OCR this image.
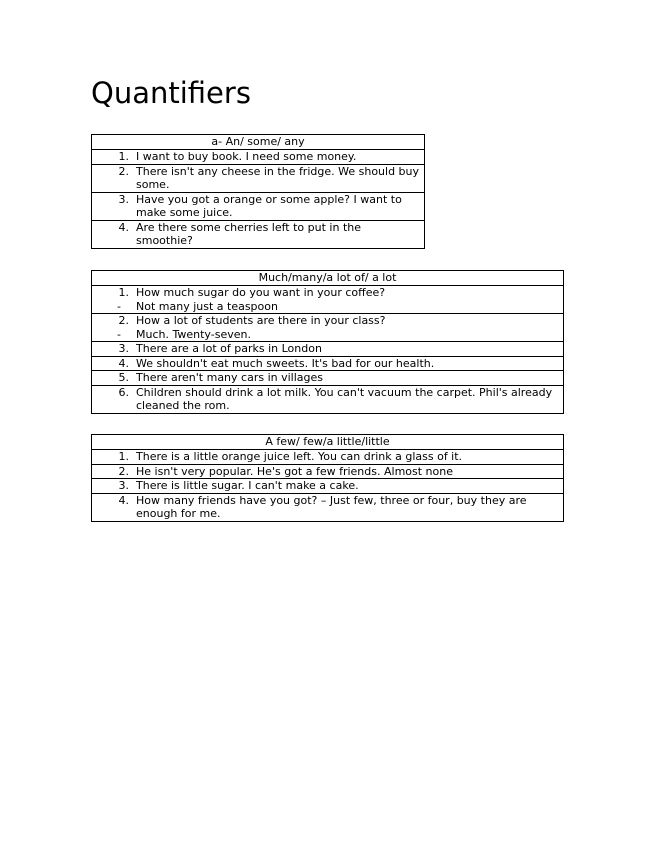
Quantifiers
a- An/ some/ any

1. I want to buy book. I need some money.

2. There isn't any cheese in the fridge. We should buy some.

3. Have you got a orange or some apple? I want to make some juice.

4. Are there some cherries left to put in the smoothie?
Much/many/a lot of/ a lot

1. How much sugar do you want in your coffee?
-	Not many just a teaspoon

2. How a lot of students are there in your class?
-	Much. Twenty-seven.

3. There are a lot of parks in London

4. We shouldn't eat much sweets. It's bad for our health.

5. There aren't many cars in villages

6. Children should drink a lot milk. You can't vacuum the carpet. Phil's already cleaned the rom.
A few/ few/a little/little

1. There is a little orange juice left. You can drink a glass of it.

2. He isn't very popular. He's got a few friends. Almost none

3. There is little sugar. I can't make a cake.

4. How many friends have you got? – Just few, three or four, buy they are enough for me.
